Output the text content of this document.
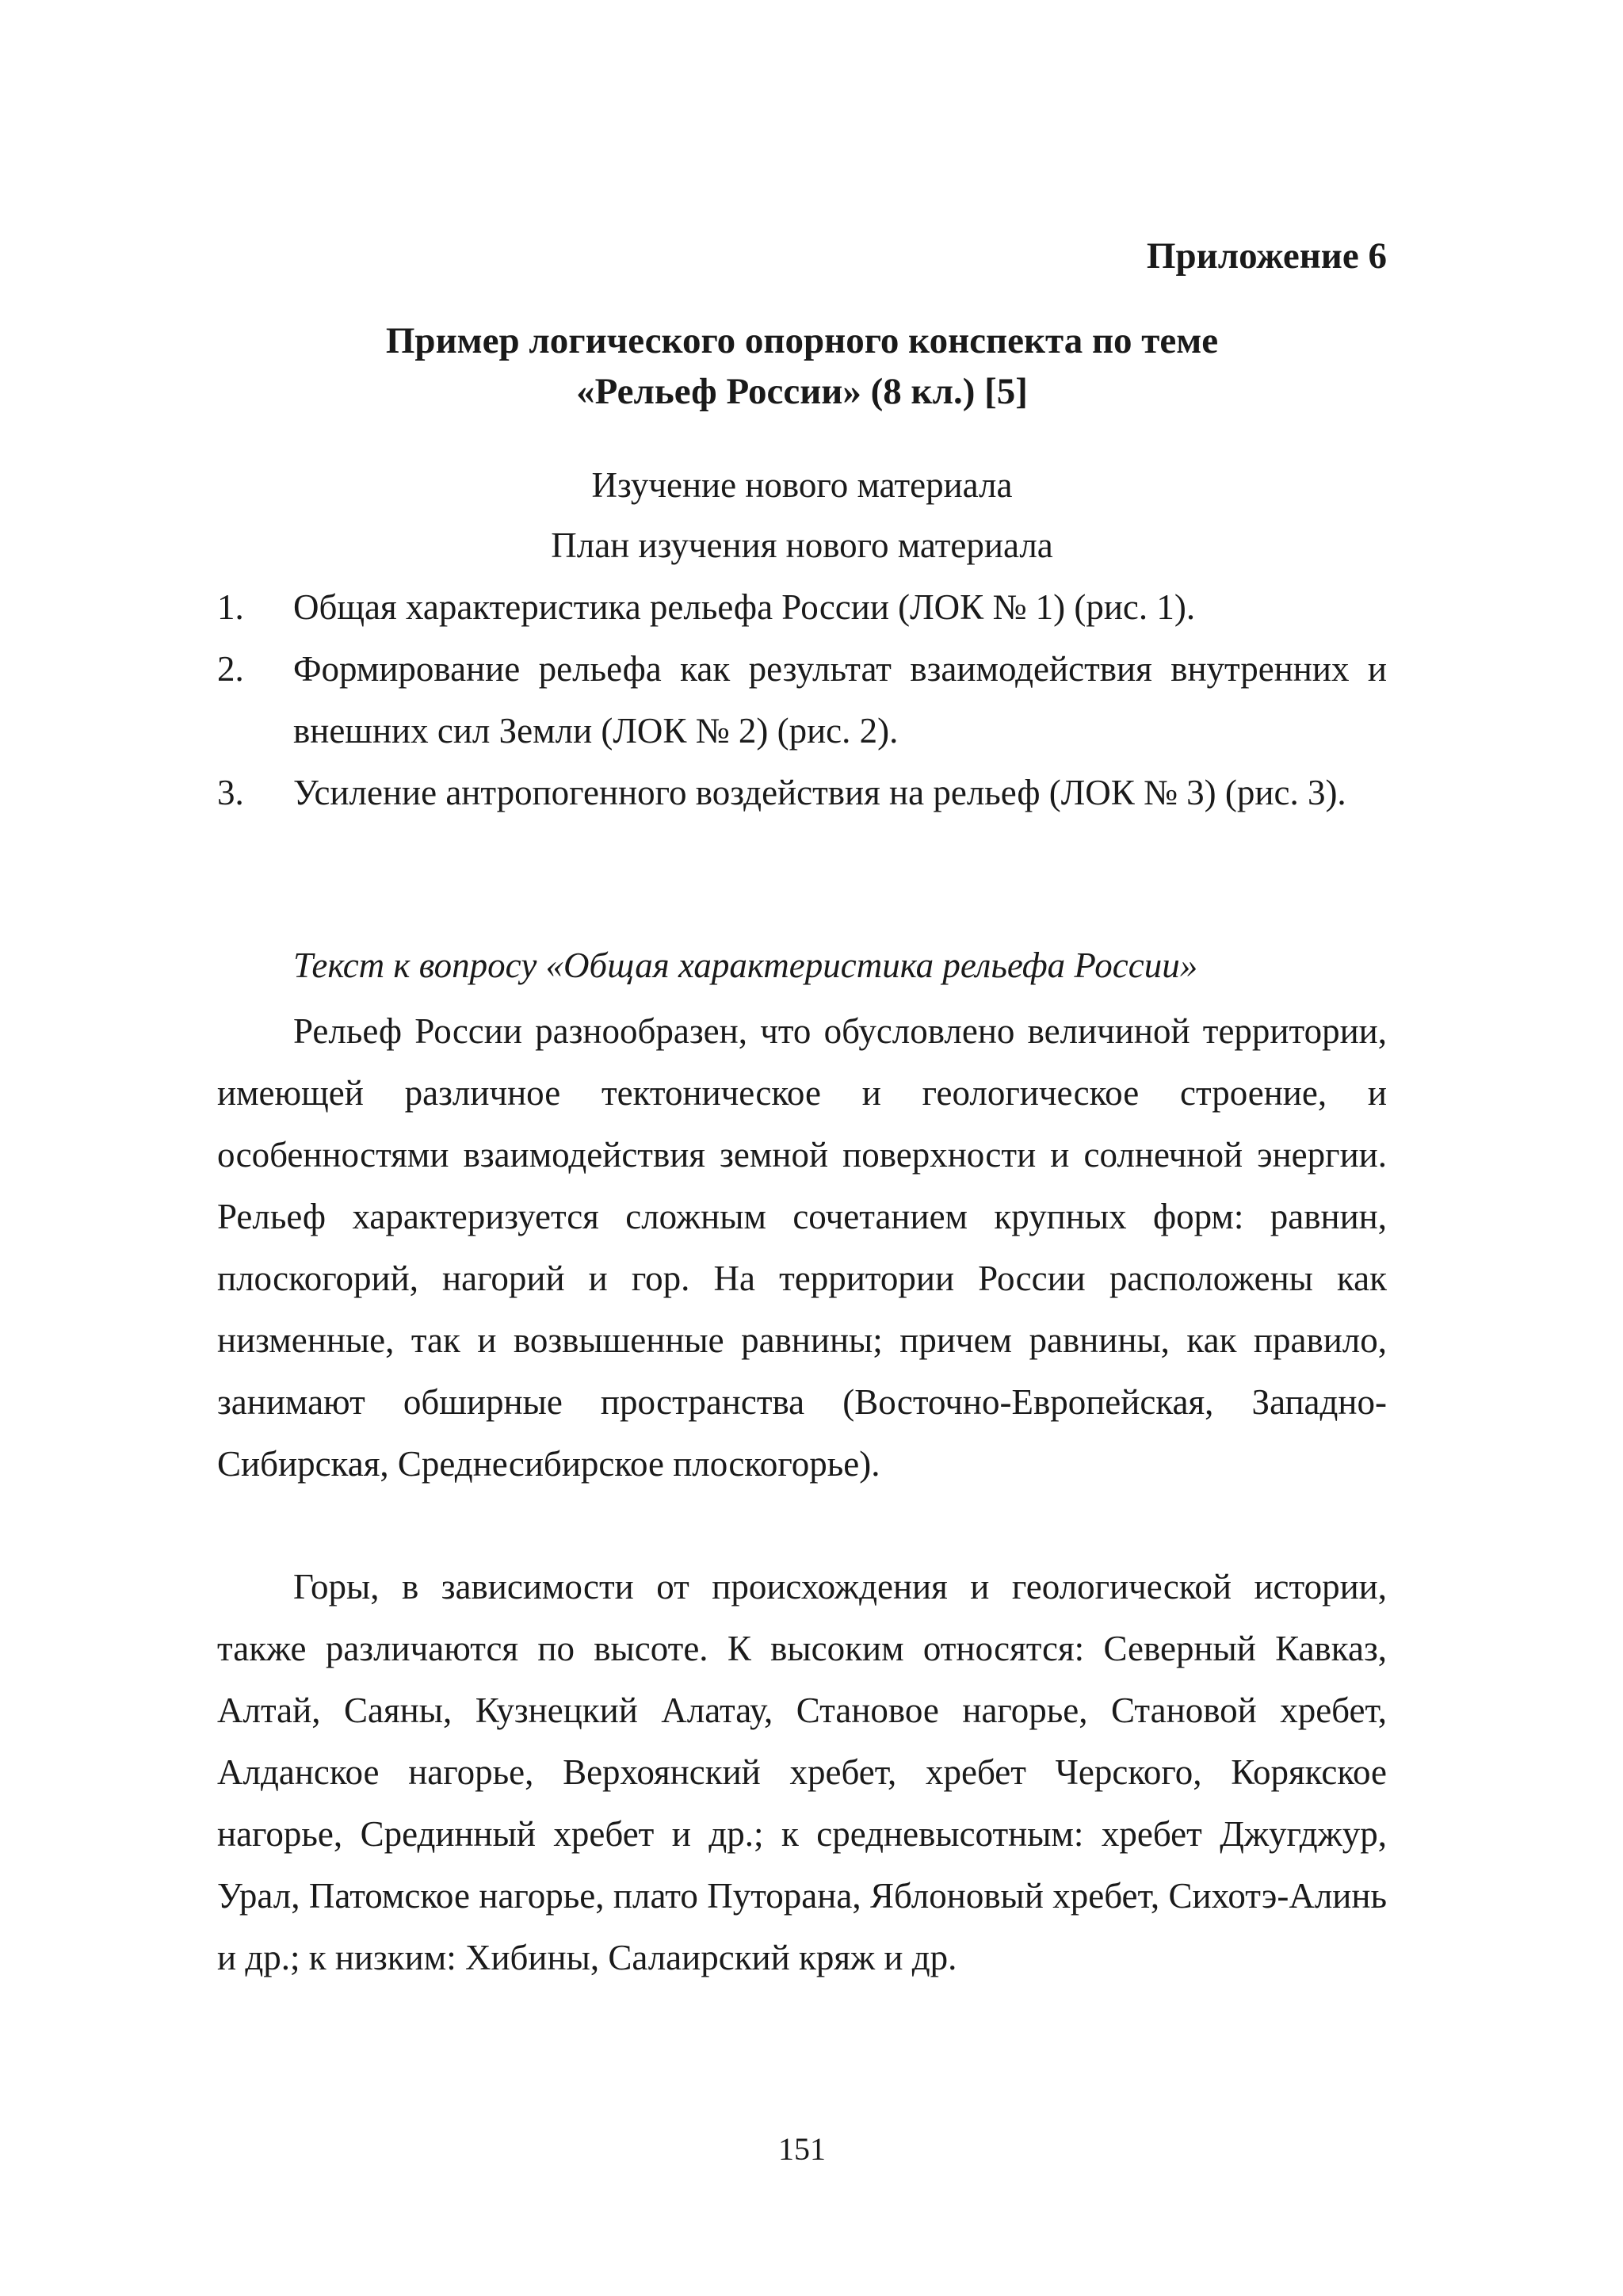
Приложение 6
Пример логического опорного конспекта по теме
«Рельеф России» (8 кл.) [5]
Изучение нового материала
План изучения нового материала
1. Общая характеристика рельефа России (ЛОК № 1) (рис. 1).
2. Формирование рельефа как результат взаимодействия внутренних и внешних сил Земли (ЛОК № 2) (рис. 2).
3. Усиление антропогенного воздействия на рельеф (ЛОК № 3) (рис. 3).
Текст к вопросу «Общая характеристика рельефа России»

Рельеф России разнообразен, что обусловлено величиной территории, имеющей различное тектоническое и геологическое строение, и особенностями взаимодействия земной поверхности и солнечной энергии. Рельеф характеризуется сложным сочетанием крупных форм: равнин, плоскогорий, нагорий и гор. На территории России расположены как низменные, так и возвышенные равнины; причем равнины, как правило, занимают обширные пространства (Восточно-Европейская, Западно-Сибирская, Среднесибирское плоскогорье).

Горы, в зависимости от происхождения и геологической истории, также различаются по высоте. К высоким относятся: Северный Кавказ, Алтай, Саяны, Кузнецкий Алатау, Становое нагорье, Становой хребет, Алданское нагорье, Верхоянский хребет, хребет Черского, Корякское нагорье, Срединный хребет и др.; к средневысотным: хребет Джугджур, Урал, Патомское нагорье, плато Путорана, Яблоновый хребет, Сихотэ-Алинь и др.; к низким: Хибины, Салаирский кряж и др.

151
